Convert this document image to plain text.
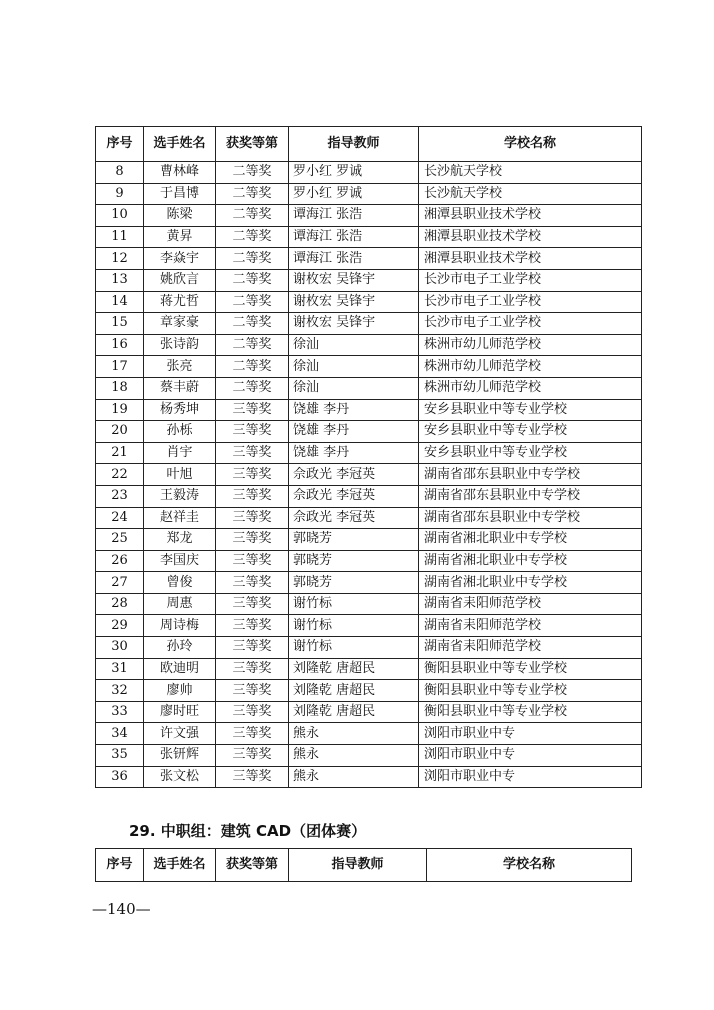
序号	选手姓名	获奖等第	指导教师	学校名称
8	曹林峰	二等奖	罗小红 罗诚	长沙航天学校
9	于昌博	二等奖	罗小红 罗诚	长沙航天学校
10	陈梁	二等奖	谭海江 张浩	湘潭县职业技术学校
11	黄昇	二等奖	谭海江 张浩	湘潭县职业技术学校
12	李焱宇	二等奖	谭海江 张浩	湘潭县职业技术学校
13	姚欣言	二等奖	谢枚宏 吴锋宇	长沙市电子工业学校
14	蒋尤哲	二等奖	谢枚宏 吴锋宇	长沙市电子工业学校
15	章家豪	二等奖	谢枚宏 吴锋宇	长沙市电子工业学校
16	张诗韵	二等奖	徐汕	株洲市幼儿师范学校
17	张亮	二等奖	徐汕	株洲市幼儿师范学校
18	蔡丰蔚	二等奖	徐汕	株洲市幼儿师范学校
19	杨秀坤	三等奖	饶雄 李丹	安乡县职业中等专业学校
20	孙栎	三等奖	饶雄 李丹	安乡县职业中等专业学校
21	肖宇	三等奖	饶雄 李丹	安乡县职业中等专业学校
22	叶旭	三等奖	佘政光 李冠英	湖南省邵东县职业中专学校
23	王毅涛	三等奖	佘政光 李冠英	湖南省邵东县职业中专学校
24	赵祥圭	三等奖	佘政光 李冠英	湖南省邵东县职业中专学校
25	郑龙	三等奖	郭晓芳	湖南省湘北职业中专学校
26	李国庆	三等奖	郭晓芳	湖南省湘北职业中专学校
27	曾俊	三等奖	郭晓芳	湖南省湘北职业中专学校
28	周惠	三等奖	谢竹标	湖南省耒阳师范学校
29	周诗梅	三等奖	谢竹标	湖南省耒阳师范学校
30	孙玲	三等奖	谢竹标	湖南省耒阳师范学校
31	欧迪明	三等奖	刘隆乾 唐超民	衡阳县职业中等专业学校
32	廖帅	三等奖	刘隆乾 唐超民	衡阳县职业中等专业学校
33	廖时旺	三等奖	刘隆乾 唐超民	衡阳县职业中等专业学校
34	许文强	三等奖	熊永	浏阳市职业中专
35	张钘辉	三等奖	熊永	浏阳市职业中专
36	张文松	三等奖	熊永	浏阳市职业中专
29. 中职组：建筑 CAD（团体赛）
序号	选手姓名	获奖等第	指导教师	学校名称
—140—
